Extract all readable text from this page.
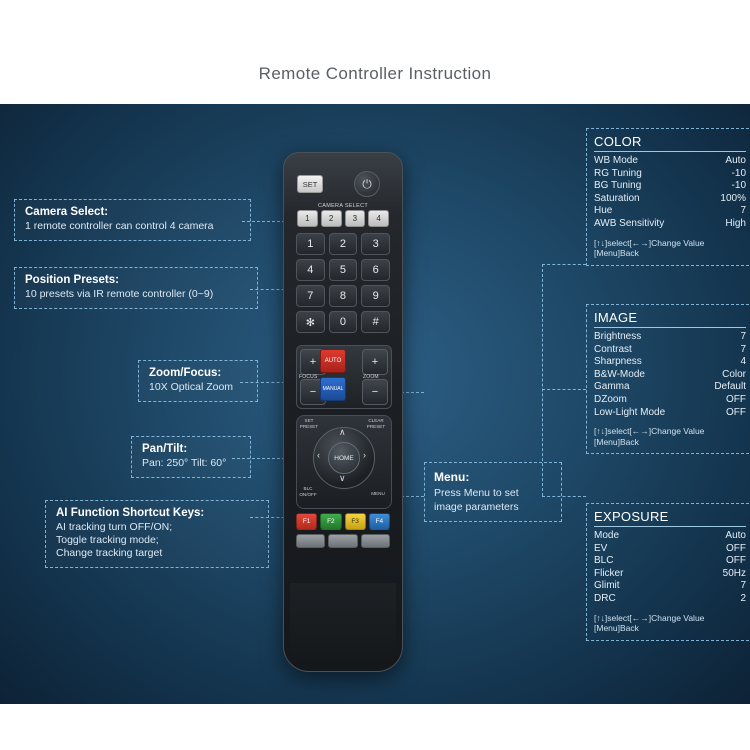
Remote Controller Instruction
Camera Select:
1 remote controller can control 4 camera
Position Presets:
10 presets via IR remote controller (0~9)
Zoom/Focus:
10X Optical Zoom
Pan/Tilt:
Pan: 250° Tilt: 60°
AI Function Shortcut Keys:
AI tracking turn OFF/ON;
Toggle tracking mode;
Change tracking target
Menu:
Press Menu to set
image parameters
COLOR
WB Mode	Auto
RG Tuning	-10
BG Tuning	-10
Saturation	100%
Hue	7
AWB Sensitivity	High
[↑↓]select[←→]Change Value
[Menu]Back
IMAGE
Brightness	7
Contrast	7
Sharpness	4
B&W-Mode	Color
Gamma	Default
DZoom	OFF
Low-Light Mode	OFF
[↑↓]select[←→]Change Value
[Menu]Back
EXPOSURE
Mode	Auto
EV	OFF
BLC	OFF
Flicker	50Hz
Glimit	7
DRC	2
[↑↓]select[←→]Change Value
[Menu]Back
SET	⏻
CAMERA SELECT
1	2	3	4
1	2	3
4	5	6
7	8	9
✻	0	#
+	+
−	−
FOCUS	ZOOM
AUTO
MANUAL
SET
PRESET
CLEAR
PRESET
BLC
ON/OFF	MENU
HOME
∧
∨
‹	›
F1	F2	F3	F4
